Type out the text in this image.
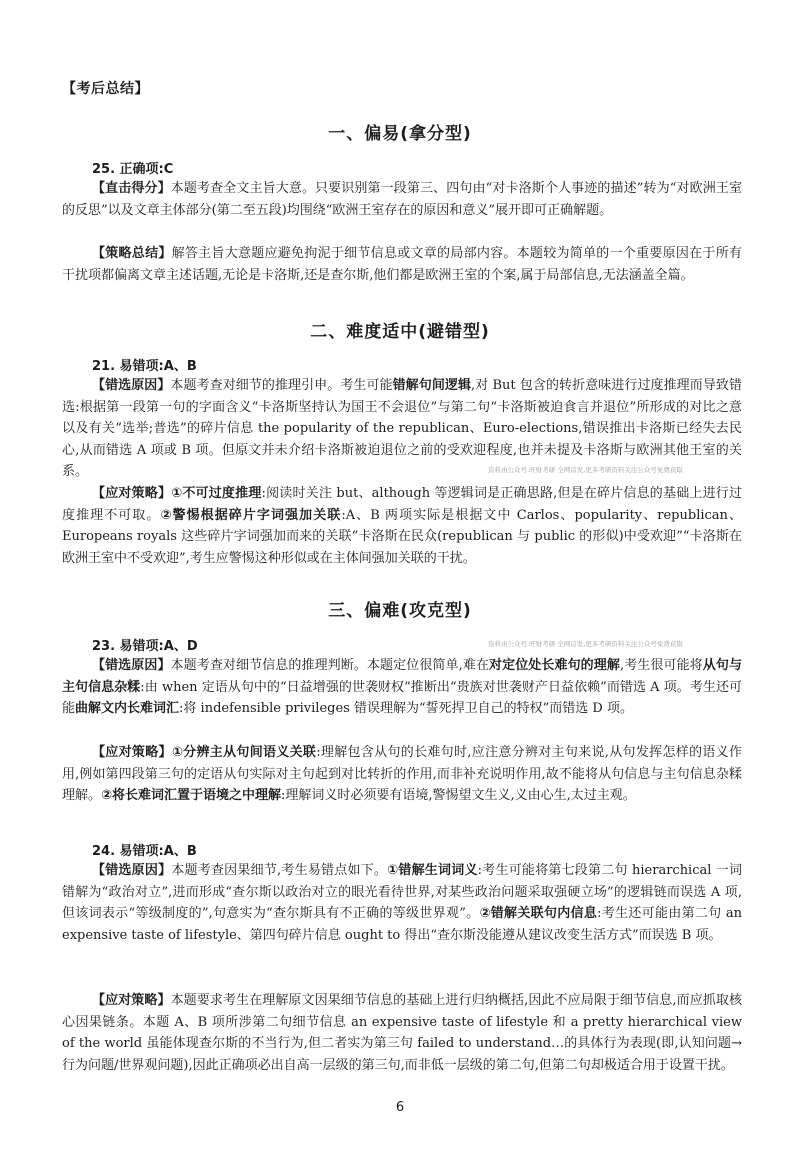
【考后总结】
一、偏易(拿分型)
25. 正确项:C
【直击得分】本题考查全文主旨大意。只要识别第一段第三、四句由“对卡洛斯个人事迹的描述”转为“对欧洲王室的反思”以及文章主体部分(第二至五段)均围绕“欧洲王室存在的原因和意义”展开即可正确解题。
【策略总结】解答主旨大意题应避免拘泥于细节信息或文章的局部内容。本题较为简单的一个重要原因在于所有干扰项都偏离文章主述话题,无论是卡洛斯,还是查尔斯,他们都是欧洲王室的个案,属于局部信息,无法涵盖全篇。
二、难度适中(避错型)
21. 易错项:A、B
【错选原因】本题考查对细节的推理引申。考生可能错解句间逻辑,对 But 包含的转折意味进行过度推理而导致错选:根据第一段第一句的字面含义“卡洛斯坚持认为国王不会退位”与第二句“卡洛斯被迫食言并退位”所形成的对比之意以及有关“选举;普选”的碎片信息 the popularity of the republican、Euro-elections,错误推出卡洛斯已经失去民心,从而错选 A 项或 B 项。但原文并未介绍卡洛斯被迫退位之前的受欢迎程度,也并未提及卡洛斯与欧洲其他王室的关系。
【应对策略】①不可过度推理:阅读时关注 but、although 等逻辑词是正确思路,但是在碎片信息的基础上进行过度推理不可取。②警惕根据碎片字词强加关联:A、B 两项实际是根据文中 Carlos、popularity、republican、Europeans royals 这些碎片字词强加而来的关联“卡洛斯在民众(republican 与 public 的形似)中受欢迎”“卡洛斯在欧洲王室中不受欢迎”,考生应警惕这种形似或在主体间强加关联的干扰。
三、偏难(攻克型)
23. 易错项:A、D
【错选原因】本题考查对细节信息的推理判断。本题定位很简单,难在对定位处长难句的理解,考生很可能将从句与主句信息杂糅:由 when 定语从句中的“日益增强的世袭财权”推断出“贵族对世袭财产日益依赖”而错选 A 项。考生还可能曲解文内长难词汇:将 indefensible privileges 错误理解为“誓死捍卫自己的特权”而错选 D 项。
【应对策略】①分辨主从句间语义关联:理解包含从句的长难句时,应注意分辨对主句来说,从句发挥怎样的语义作用,例如第四段第三句的定语从句实际对主句起到对比转折的作用,而非补充说明作用,故不能将从句信息与主句信息杂糅理解。②将长难词汇置于语境之中理解:理解词义时必须要有语境,警惕望文生义,义由心生,太过主观。
24. 易错项:A、B
【错选原因】本题考查因果细节,考生易错点如下。①错解生词词义:考生可能将第七段第二句 hierarchical 一词错解为“政治对立”,进而形成“查尔斯以政治对立的眼光看待世界,对某些政治问题采取强硬立场”的逻辑链而误选 A 项,但该词表示“等级制度的”,句意实为“查尔斯具有不正确的等级世界观”。②错解关联句内信息:考生还可能由第二句 an expensive taste of lifestyle、第四句碎片信息 ought to 得出“查尔斯没能遵从建议改变生活方式”而误选 B 项。
【应对策略】本题要求考生在理解原文因果细节信息的基础上进行归纳概括,因此不应局限于细节信息,而应抓取核心因果链条。本题 A、B 项所涉第二句细节信息 an expensive taste of lifestyle 和 a pretty hierarchical view of the world 虽能体现查尔斯的不当行为,但二者实为第三句 failed to understand…的具体行为表现(即,认知问题→行为问题/世界观问题),因此正确项必出自高一层级的第三句,而非低一层级的第二句,但第二句却极适合用于设置干扰。
资料由公众号:旺财考研 全网首发,更多考研资料关注公众号免费获取
资料由公众号:旺财考研 全网首发,更多考研资料关注公众号免费获取
6
